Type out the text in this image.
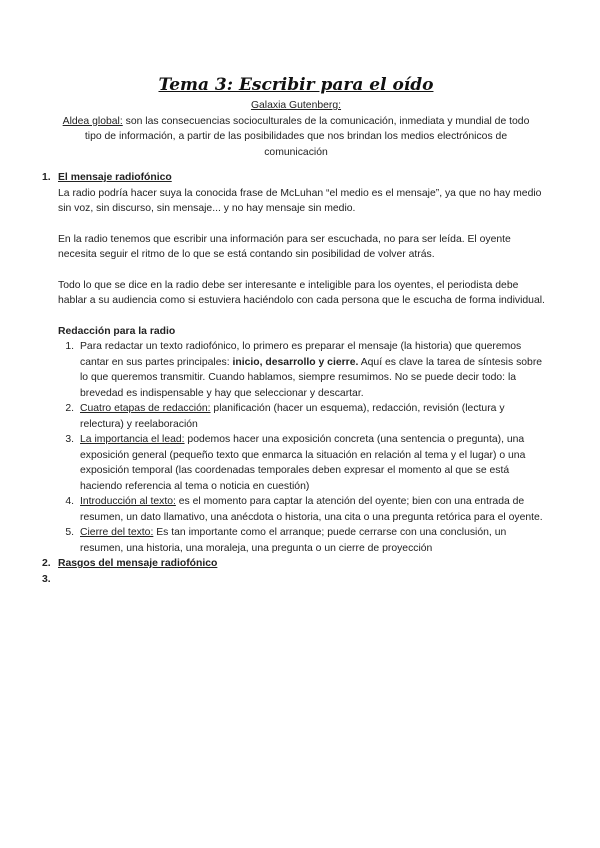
Tema 3: Escribir para el oído

Galaxia Gutenberg:

Aldea global: son las consecuencias socioculturales de la comunicación, inmediata y mundial de todo tipo de información, a partir de las posibilidades que nos brindan los medios electrónicos de comunicación

1. El mensaje radiofónico

La radio podría hacer suya la conocida frase de McLuhan “el medio es el mensaje”, ya que no hay medio sin voz, sin discurso, sin mensaje... y no hay mensaje sin medio.

En la radio tenemos que escribir una información para ser escuchada, no para ser leída. El oyente necesita seguir el ritmo de lo que se está contando sin posibilidad de volver atrás.

Todo lo que se dice en la radio debe ser interesante e inteligible para los oyentes, el periodista debe hablar a su audiencia como si estuviera haciéndolo con cada persona que le escucha de forma individual.

Redacción para la radio
1. Para redactar un texto radiofónico, lo primero es preparar el mensaje (la historia) que queremos cantar en sus partes principales: inicio, desarrollo y cierre. Aquí es clave la tarea de síntesis sobre lo que queremos transmitir. Cuando hablamos, siempre resumimos. No se puede decir todo: la brevedad es indispensable y hay que seleccionar y descartar.
2. Cuatro etapas de redacción: planificación (hacer un esquema), redacción, revisión (lectura y relectura) y reelaboración
3. La importancia el lead: podemos hacer una exposición concreta (una sentencia o pregunta), una exposición general (pequeño texto que enmarca la situación en relación al tema y el lugar) o una exposición temporal (las coordenadas temporales deben expresar el momento al que se está haciendo referencia al tema o noticia en cuestión)
4. Introducción al texto: es el momento para captar la atención del oyente; bien con una entrada de resumen, un dato llamativo, una anécdota o historia, una cita o una pregunta retórica para el oyente.
5. Cierre del texto: Es tan importante como el arranque; puede cerrarse con una conclusión, un resumen, una historia, una moraleja, una pregunta o un cierre de proyección
2. Rasgos del mensaje radiofónico
3.
